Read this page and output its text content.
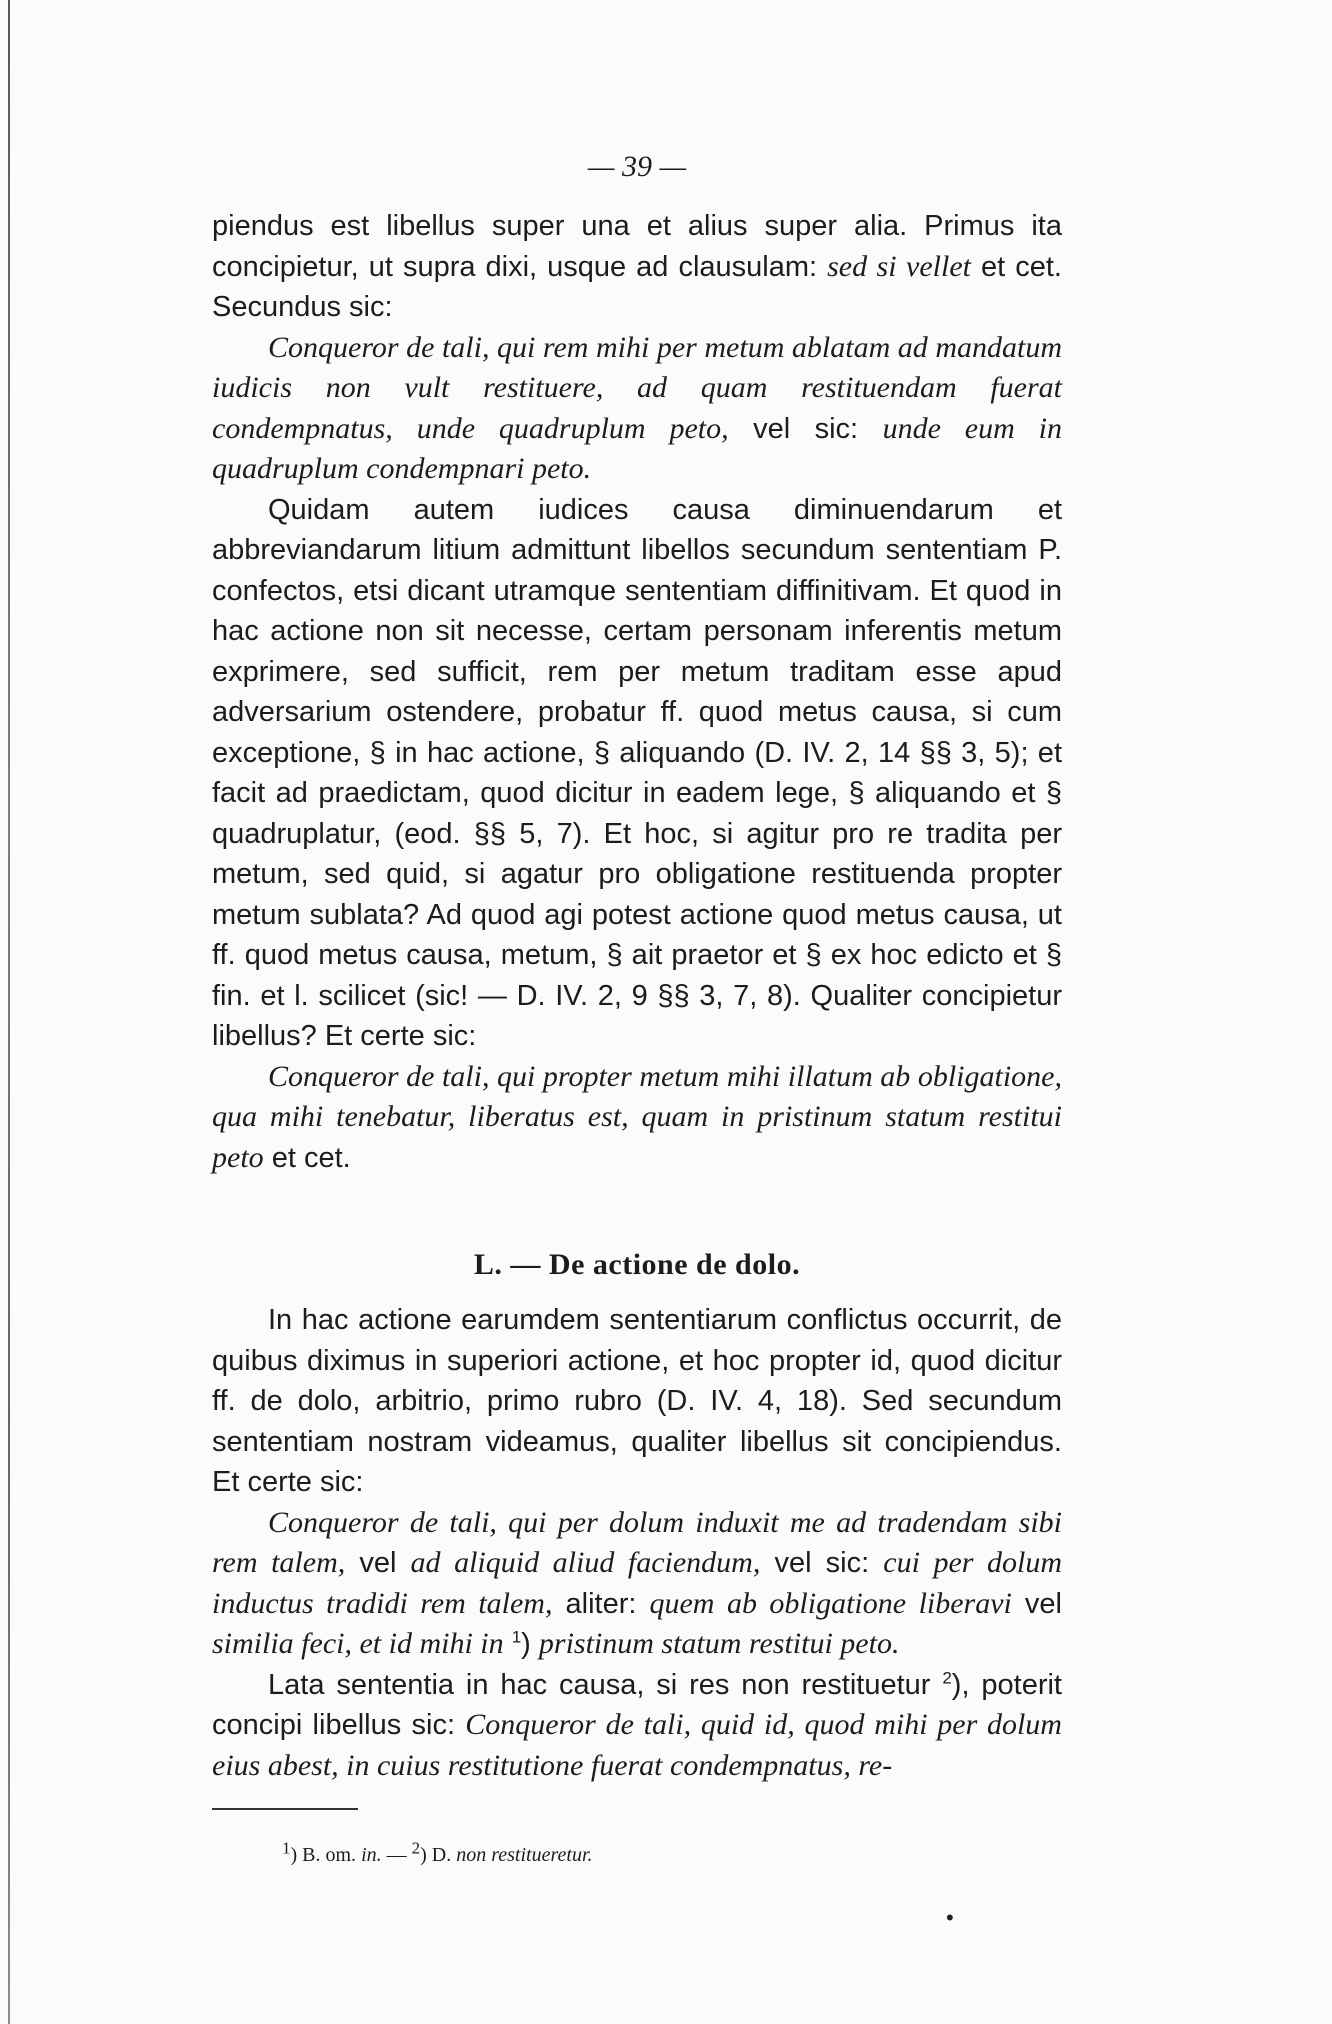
— 39 —

piendus est libellus super una et alius super alia. Primus ita concipietur, ut supra dixi, usque ad clausulam: sed si vellet et cet. Secundus sic:

Conqueror de tali, qui rem mihi per metum ablatam ad mandatum iudicis non vult restituere, ad quam restituendam fuerat condempnatus, unde quadruplum peto, vel sic: unde eum in quadruplum condempnari peto.

Quidam autem iudices causa diminuendarum et abbreviandarum litium admittunt libellos secundum sententiam P. confectos, etsi dicant utramque sententiam diffinitivam. Et quod in hac actione non sit necesse, certam personam inferentis metum exprimere, sed sufficit, rem per metum traditam esse apud adversarium ostendere, probatur ff. quod metus causa, si cum exceptione, § in hac actione, § aliquando (D. IV. 2, 14 §§ 3, 5); et facit ad praedictam, quod dicitur in eadem lege, § aliquando et § quadruplatur, (eod. §§ 5, 7). Et hoc, si agitur pro re tradita per metum, sed quid, si agatur pro obligatione restituenda propter metum sublata? Ad quod agi potest actione quod metus causa, ut ff. quod metus causa, metum, § ait praetor et § ex hoc edicto et § fin. et l. scilicet (sic! — D. IV. 2, 9 §§ 3, 7, 8). Qualiter concipietur libellus? Et certe sic:

Conqueror de tali, qui propter metum mihi illatum ab obligatione, qua mihi tenebatur, liberatus est, quam in pristinum statum restitui peto et cet.

L. — De actione de dolo.

In hac actione earumdem sententiarum conflictus occurrit, de quibus diximus in superiori actione, et hoc propter id, quod dicitur ff. de dolo, arbitrio, primo rubro (D. IV. 4, 18). Sed secundum sententiam nostram videamus, qualiter libellus sit concipiendus. Et certe sic:

Conqueror de tali, qui per dolum induxit me ad tradendam sibi rem talem, vel ad aliquid aliud faciendum, vel sic: cui per dolum inductus tradidi rem talem, aliter: quem ab obligatione liberavi vel similia feci, et id mihi in $^1$) pristinum statum restitui peto.

Lata sententia in hac causa, si res non restituetur $^2$), poterit concipi libellus sic: Conqueror de tali, quid id, quod mihi per dolum eius abest, in cuius restitutione fuerat condempnatus, re-

$^1$) B. om. in. — $^2$) D. non restitueretur.
•
